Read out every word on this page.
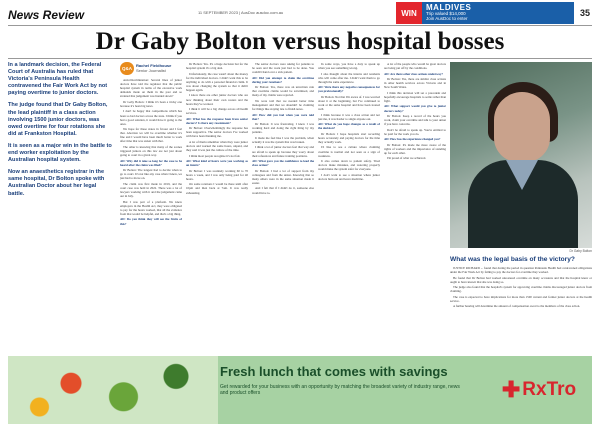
News Review	11 SEPTEMBER 2023 | AusDoc ausdoc.com.au	WIN
MALDIVES
Trip valued $14,000
Join AusDoc to enter
35
Dr Gaby Bolton versus hospital bosses

In a landmark decision, the Federal Court of Australia has ruled that Victoria's Peninsula Health contravened the Fair Work Act by not paying overtime to junior doctors.

The judge found that Dr Gaby Bolton, the lead plaintiff in a class action involving 1500 junior doctors, was owed overtime for four rotations she did at Frankston Hospital.

It is seen as a major win in the battle to end worker exploitation by the Australian hospital system.

Now an anaesthetics registrar in the same hospital, Dr Bolton spoke with Australian Doctor about her legal battle.

Q&A
Rachel Fieldhouse
Senior Journalist

Anti-Discrimination: Several lines of junior doctors have told the regulator that the public hospital system in terms of the excessive work demands made on them in the past and so strained that judgement was handed down?

Dr Gaby Bolton: I think it's been a tricky one because it's been big news.

I don't be happy that competitions which has been so bad doctors across the state. I think if you had a good solution, it would have it going to the ones.

We hope for these states in favour and I feel that. Abortion we will be overtime whether it's fine and I would have been much better to work after time that was stolen with that.

The other is knowing that many of the scenes triggered juniors on this law are not just about going to court in a given way.

AD: Why did it take so long for the case to be heard after the claim was filed?

Dr Bolton: The longest had to decide when to go to court. It's not like any case when I knew, we just had to move on.

The claim was first made in 2019, and the court case was held in 2022. There was a lot of lawyers working with it and the judgement came out in July.

But I was part of a platform. We knew employers in the Health Act, they were obligated to pay for the hours worked, that all the evidence from that would be helpful, and that's a big thing.

AD: Do you think they will see the fruits of this?

Dr Bolton: Yes. It's a huge decision but for the hospital system it's a big deal.

Unfortunately, the case wasn't about the money for the individual doctors. I didn't want this to be anything to do with a personal financial claim. It was about changing the system so that it didn't happen again.

I know there are other junior doctors who are now thinking about their own rosters and the hours they've worked.

I think it will be a big change across all health services.

AD: What has the response been from senior doctors? Is there any resentment?

Dr Bolton: Overwhelmingly the response has been supportive. The senior doctors I've worked with have been thanking me.

A lot of them remember when they were junior doctors and worked the same hours, unpaid, and they said it was just the culture of the time.

I think most people recognise it's not fair.

AD: What kind of hours were you working as an intern?

Dr Bolton: I was routinely working 60 to 70 hours a week, and I was only being paid for 40 hours.

On some rotations I would be there until after 10pm and then back at 7am. It was really exhausting.

The senior doctors were asking for patients to be seen and the work just had to be done. You couldn't hand over a sick patient.

AD: Did you attempt to claim the overtime during your rotations?

Dr Bolton: Yes, there was an unwritten rule that overtime claims would be scrutinised, and many of my claims were rejected.

We were told that we needed better time management and that we shouldn't be claiming for things like staying late to finish notes.

AD: How did you feel when you were told that?

Dr Bolton: It was frustrating. I knew I was working hard and doing the right thing by my patients.

It made me feel like I was the problem, when actually it was the system that was broken.

I think a lot of junior doctors feel that way and are afraid to speak up because they worry about their references and future training positions.

AD: What gave you the confidence to lead the class action?

Dr Bolton: I had a lot of support from my colleagues and from the union. Knowing that so many others were in the same situation made it easier.

And I felt that if I didn't do it, someone else would have to.

In some ways, you have a duty to speak up when you see something wrong.

I also thought about the interns and residents who will come after me. I didn't want them to go through the same experience.

AD: Were there any negative consequences for you professionally?

Dr Bolton: Not that I'm aware of. I was worried about it at the beginning, but I've continued to work at the same hospital and have been treated well.

I think because it was a class action and not just me, it was harder to single anyone out.

AD: What do you hope changes as a result of the decision?

Dr Bolton: I hope hospitals start recording hours accurately and paying doctors for the time they actually work.

I'd like to see a culture where claiming overtime is normal and not seen as a sign of weakness.

It also comes down to patient safety. Tired doctors make mistakes, and rostering properly would make the system safer for everyone.

I don't want to see a situation where junior doctors burn out and leave medicine.

A lot of the people who would be great doctors are being put off by the conditions.

AD: Are there other class actions underway?

Dr Bolton: Yes, there are similar class actions in other health services across Victoria and in New South Wales.

I think this decision will set a precedent and hopefully encourage hospitals to settle rather than fight.

AD: What support would you give to junior doctors today?

Dr Bolton: Keep a record of the hours you work, claim your overtime and talk to your union if you have concerns.

Don't be afraid to speak up. You're entitled to be paid for the work you do.

AD: How has the experience changed you?

Dr Bolton: It's made me more aware of the rights of workers and the importance of standing up for each other.

I'm proud of what we achieved.

Dr Gaby Bolton
What was the legal basis of the victory?

JUSTICE RICHARD ... found that during the period in question Peninsula Health had contravened obligations under the Fair Work Act by failing to pay the doctors for overtime they worked.

He found that Dr Bolton had worked unrostered overtime on many occasions and that the hospital knew or ought to have known that she was doing so.

The judge also found that the hospital's system for approving overtime claims discouraged junior doctors from claiming.

The case is expected to have implications for more than 1500 current and former junior doctors at the health service.

A further hearing will determine the amount of compensation owed to the members of the class action.

Fresh lunch that comes with savings
Get rewarded for your business with an opportunity by matching the broadest variety of industry range, news and product offers	✚ RxTro
